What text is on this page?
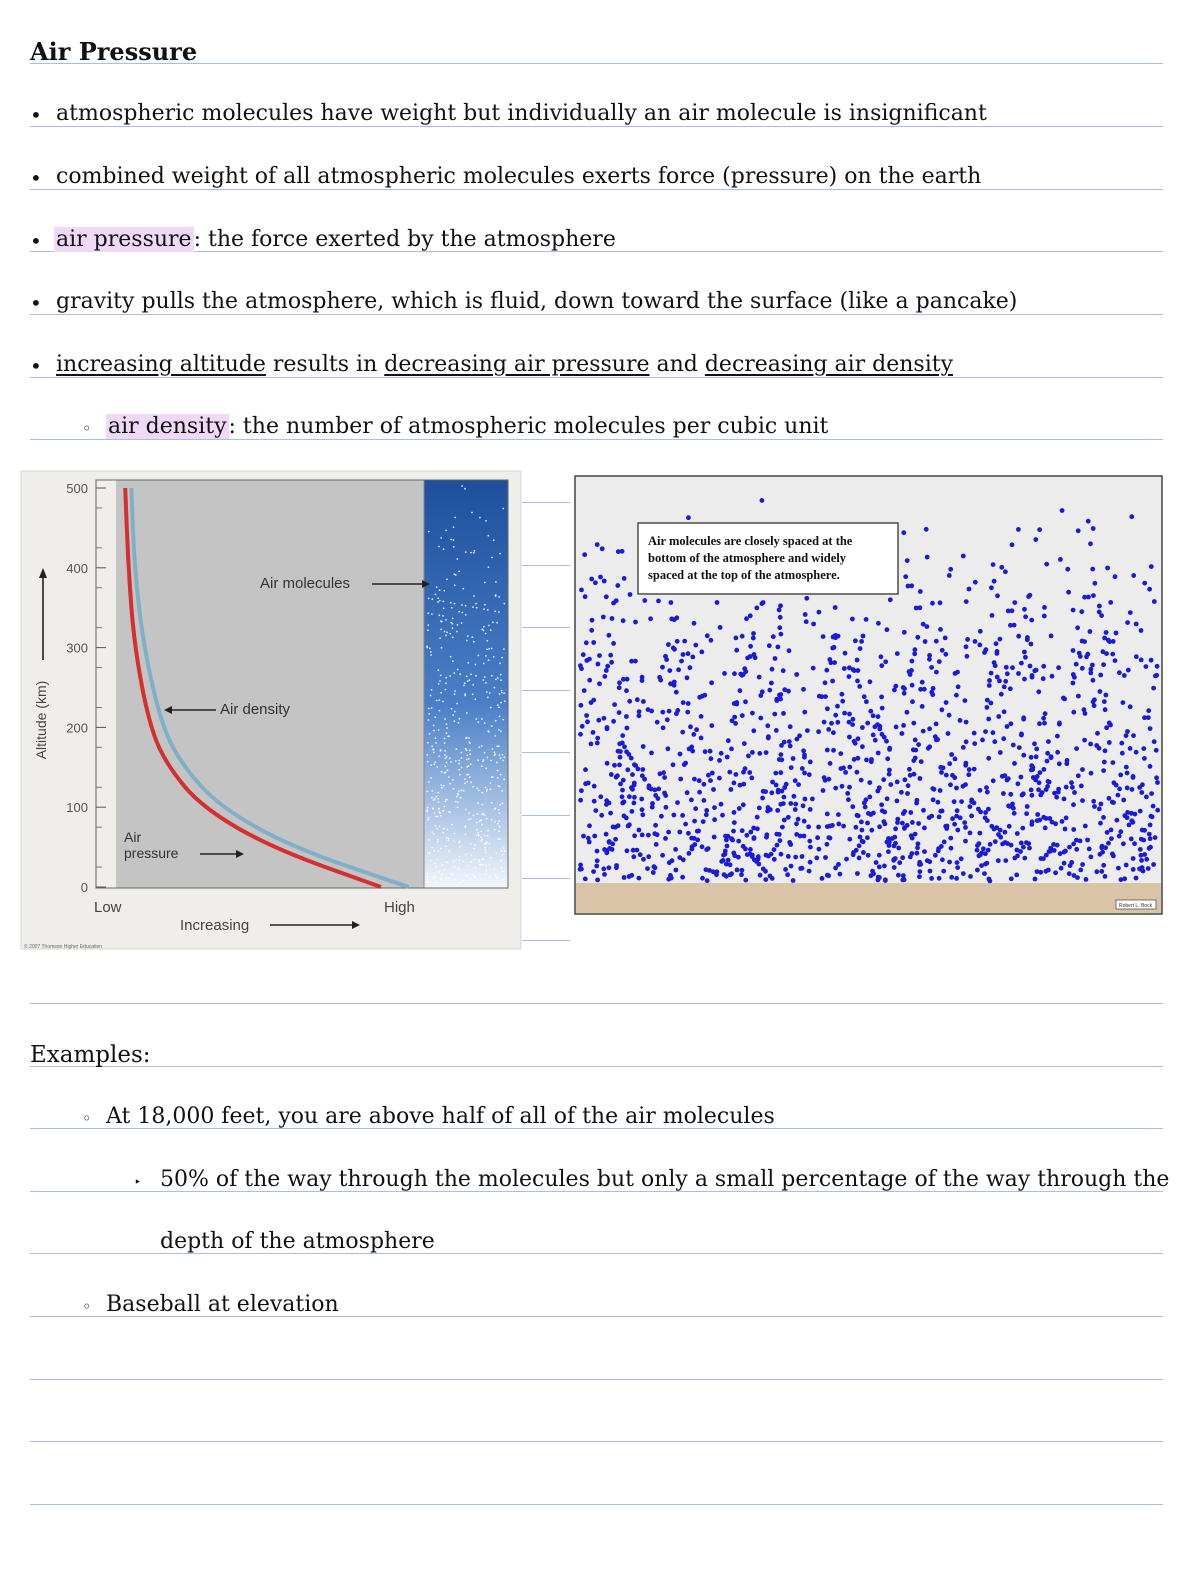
Air Pressure
• atmospheric molecules have weight but individually an air molecule is insignificant
• combined weight of all atmospheric molecules exerts force (pressure) on the earth
• air pressure: the force exerted by the atmosphere
• gravity pulls the atmosphere, which is fluid, down toward the surface (like a pancake)
• increasing altitude results in decreasing air pressure and decreasing air density
◦ air density: the number of atmospheric molecules per cubic unit
0
100
200
300
400
500
Air molecules
Air density
Air
pressure
Altitude (km)
Low	High
Increasing
© 2007 Thomson Higher Education
Air molecules are closely spaced at the
bottom of the atmosphere and widely
spaced at the top of the atmosphere.
Robert L. Bock
Examples:
◦ At 18,000 feet, you are above half of all of the air molecules
‣ 50% of the way through the molecules but only a small percentage of the way through the
depth of the atmosphere
◦ Baseball at elevation
